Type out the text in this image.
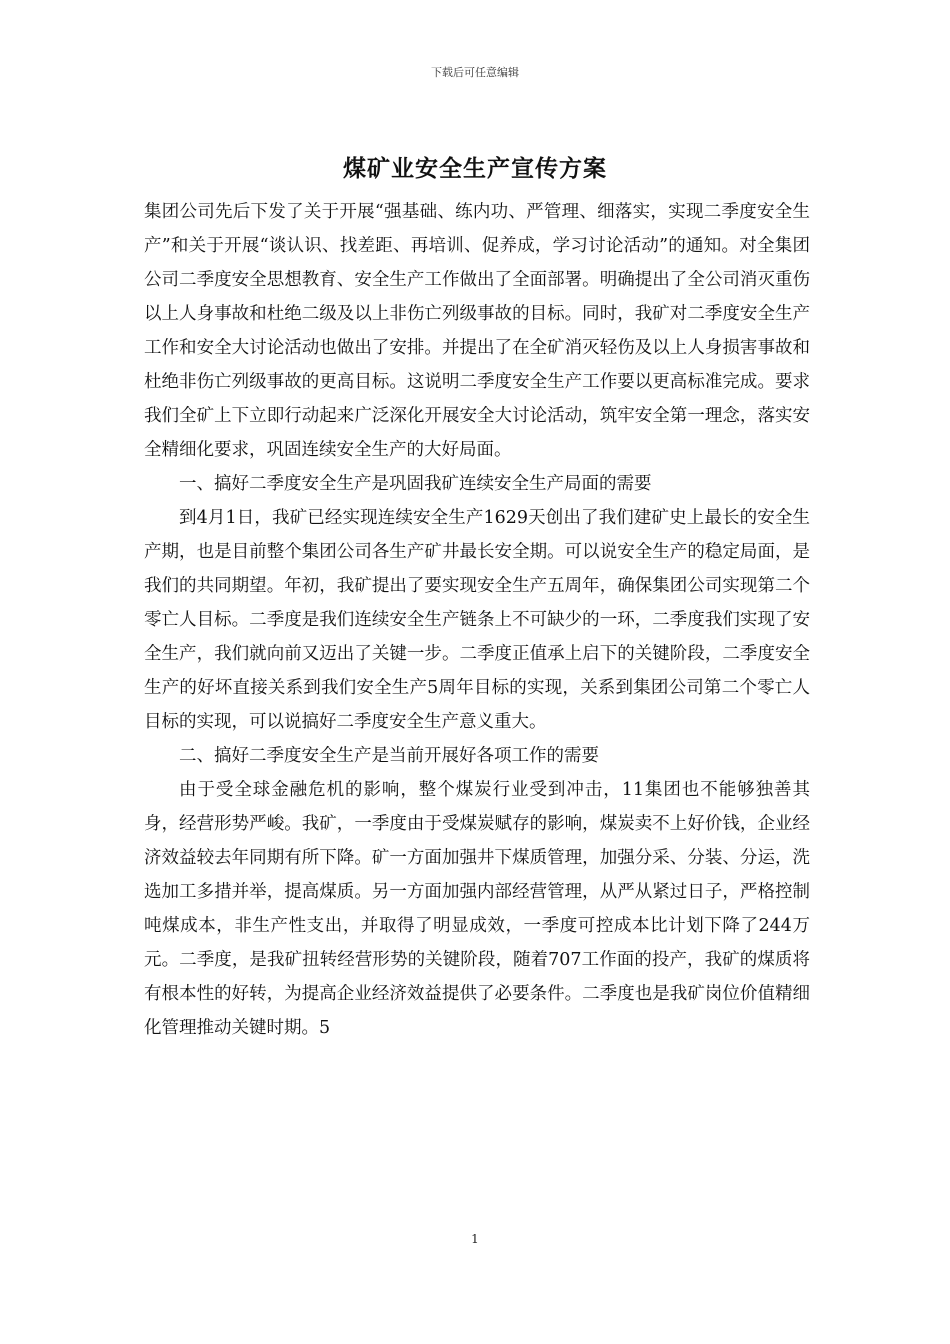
下载后可任意编辑
煤矿业安全生产宣传方案

集团公司先后下发了关于开展“强基础、练内功、严管理、细落实，实现二季度安全生产”和关于开展“谈认识、找差距、再培训、促养成，学习讨论活动”的通知。对全集团公司二季度安全思想教育、安全生产工作做出了全面部署。明确提出了全公司消灭重伤以上人身事故和杜绝二级及以上非伤亡列级事故的目标。同时，我矿对二季度安全生产工作和安全大讨论活动也做出了安排。并提出了在全矿消灭轻伤及以上人身损害事故和杜绝非伤亡列级事故的更高目标。这说明二季度安全生产工作要以更高标准完成。要求我们全矿上下立即行动起来广泛深化开展安全大讨论活动，筑牢安全第一理念，落实安全精细化要求，巩固连续安全生产的大好局面。

一、搞好二季度安全生产是巩固我矿连续安全生产局面的需要

到4月1日，我矿已经实现连续安全生产1629天创出了我们建矿史上最长的安全生产期，也是目前整个集团公司各生产矿井最长安全期。可以说安全生产的稳定局面，是我们的共同期望。年初，我矿提出了要实现安全生产五周年，确保集团公司实现第二个零亡人目标。二季度是我们连续安全生产链条上不可缺少的一环，二季度我们实现了安全生产，我们就向前又迈出了关键一步。二季度正值承上启下的关键阶段，二季度安全生产的好坏直接关系到我们安全生产5周年目标的实现，关系到集团公司第二个零亡人目标的实现，可以说搞好二季度安全生产意义重大。

二、搞好二季度安全生产是当前开展好各项工作的需要

由于受全球金融危机的影响，整个煤炭行业受到冲击，11集团也不能够独善其身，经营形势严峻。我矿，一季度由于受煤炭赋存的影响，煤炭卖不上好价钱，企业经济效益较去年同期有所下降。矿一方面加强井下煤质管理，加强分采、分装、分运，洗选加工多措并举，提高煤质。另一方面加强内部经营管理，从严从紧过日子，严格控制吨煤成本，非生产性支出，并取得了明显成效，一季度可控成本比计划下降了244万元。二季度，是我矿扭转经营形势的关键阶段，随着707工作面的投产，我矿的煤质将有根本性的好转，为提高企业经济效益提供了必要条件。二季度也是我矿岗位价值精细化管理推动关键时期。5

1
